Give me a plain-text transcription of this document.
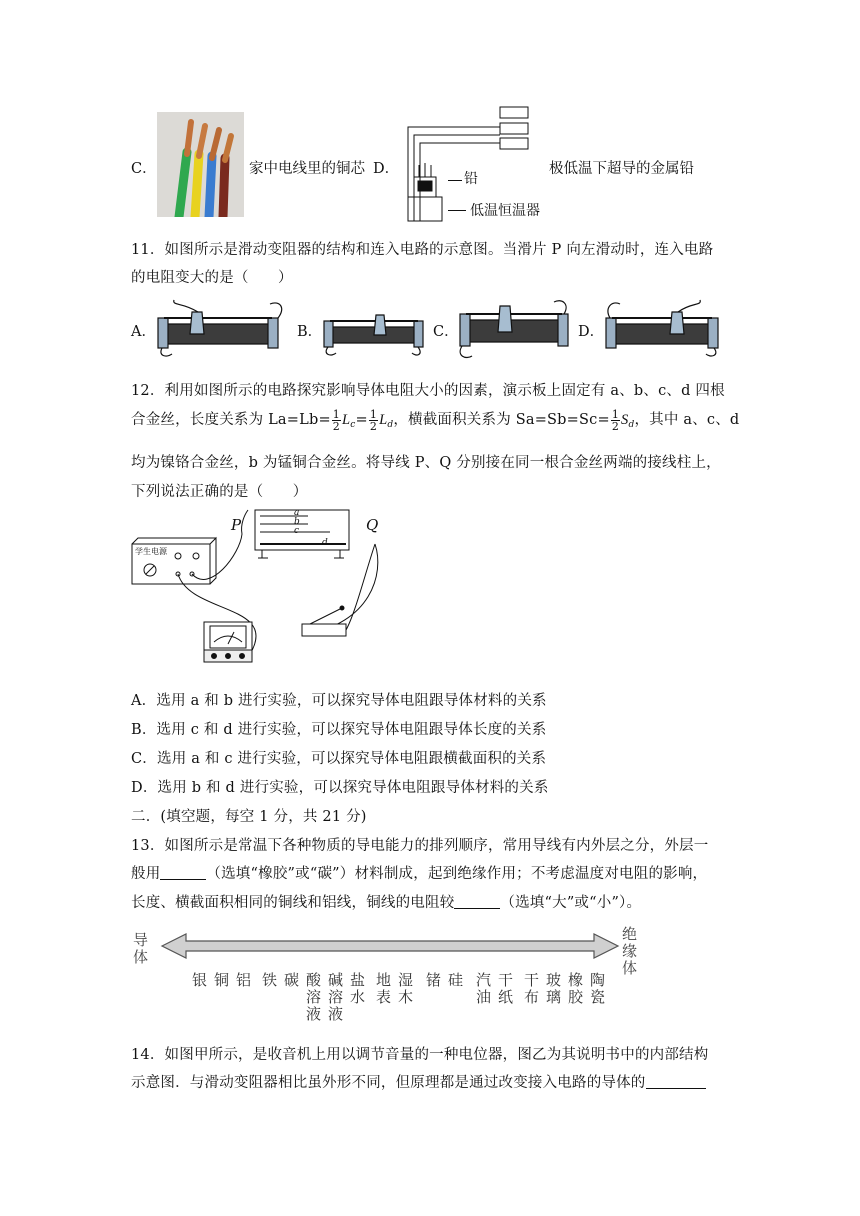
C．	家中电线里的铜芯 D．
铅
低温恒温器
极低温下超导的金属铅
11．如图所示是滑动变阻器的结构和连入电路的示意图。当滑片 P 向左滑动时，连入电路
的电阻变大的是（　　）
A．	B．	C．	D．
12．利用如图所示的电路探究影响导体电阻大小的因素，演示板上固定有 a、b、c、d 四根
合金丝，长度关系为 $La=Lb= \frac{1}{2} L_c= \frac{1}{2} L_d$，横截面积关系为 $Sa=Sb=Sc= \frac{1}{2} S_d$，其中 a、c、d
均为镍铬合金丝，b 为锰铜合金丝。将导线 P、Q 分别接在同一根合金丝两端的接线柱上，
下列说法正确的是（　　）
学生电源
P	Q
a
b
c
d
A．选用 a 和 b 进行实验，可以探究导体电阻跟导体材料的关系
B．选用 c 和 d 进行实验，可以探究导体电阻跟导体长度的关系
C．选用 a 和 c 进行实验，可以探究导体电阻跟横截面积的关系
D．选用 b 和 d 进行实验，可以探究导体电阻跟导体材料的关系
二．(填空题，每空 1 分，共 21 分)
13．如图所示是常温下各种物质的导电能力的排列顺序，常用导线有内外层之分，外层一
般用	（选填“橡胶”或“碳”）材料制成，起到绝缘作用；不考虑温度对电阻的影响，
长度、横截面积相同的铜线和铝线，铜线的电阻较	（选填“大”或“小”）。
导体
绝缘体
银 铜 铝 铁 碳 酸溶液
碱溶液
盐水
地表
湿木
锗 硅 汽油
干纸
干布
玻璃
橡胶
陶瓷
14．如图甲所示，是收音机上用以调节音量的一种电位器，图乙为其说明书中的内部结构
示意图．与滑动变阻器相比虽外形不同，但原理都是通过改变接入电路的导体的
